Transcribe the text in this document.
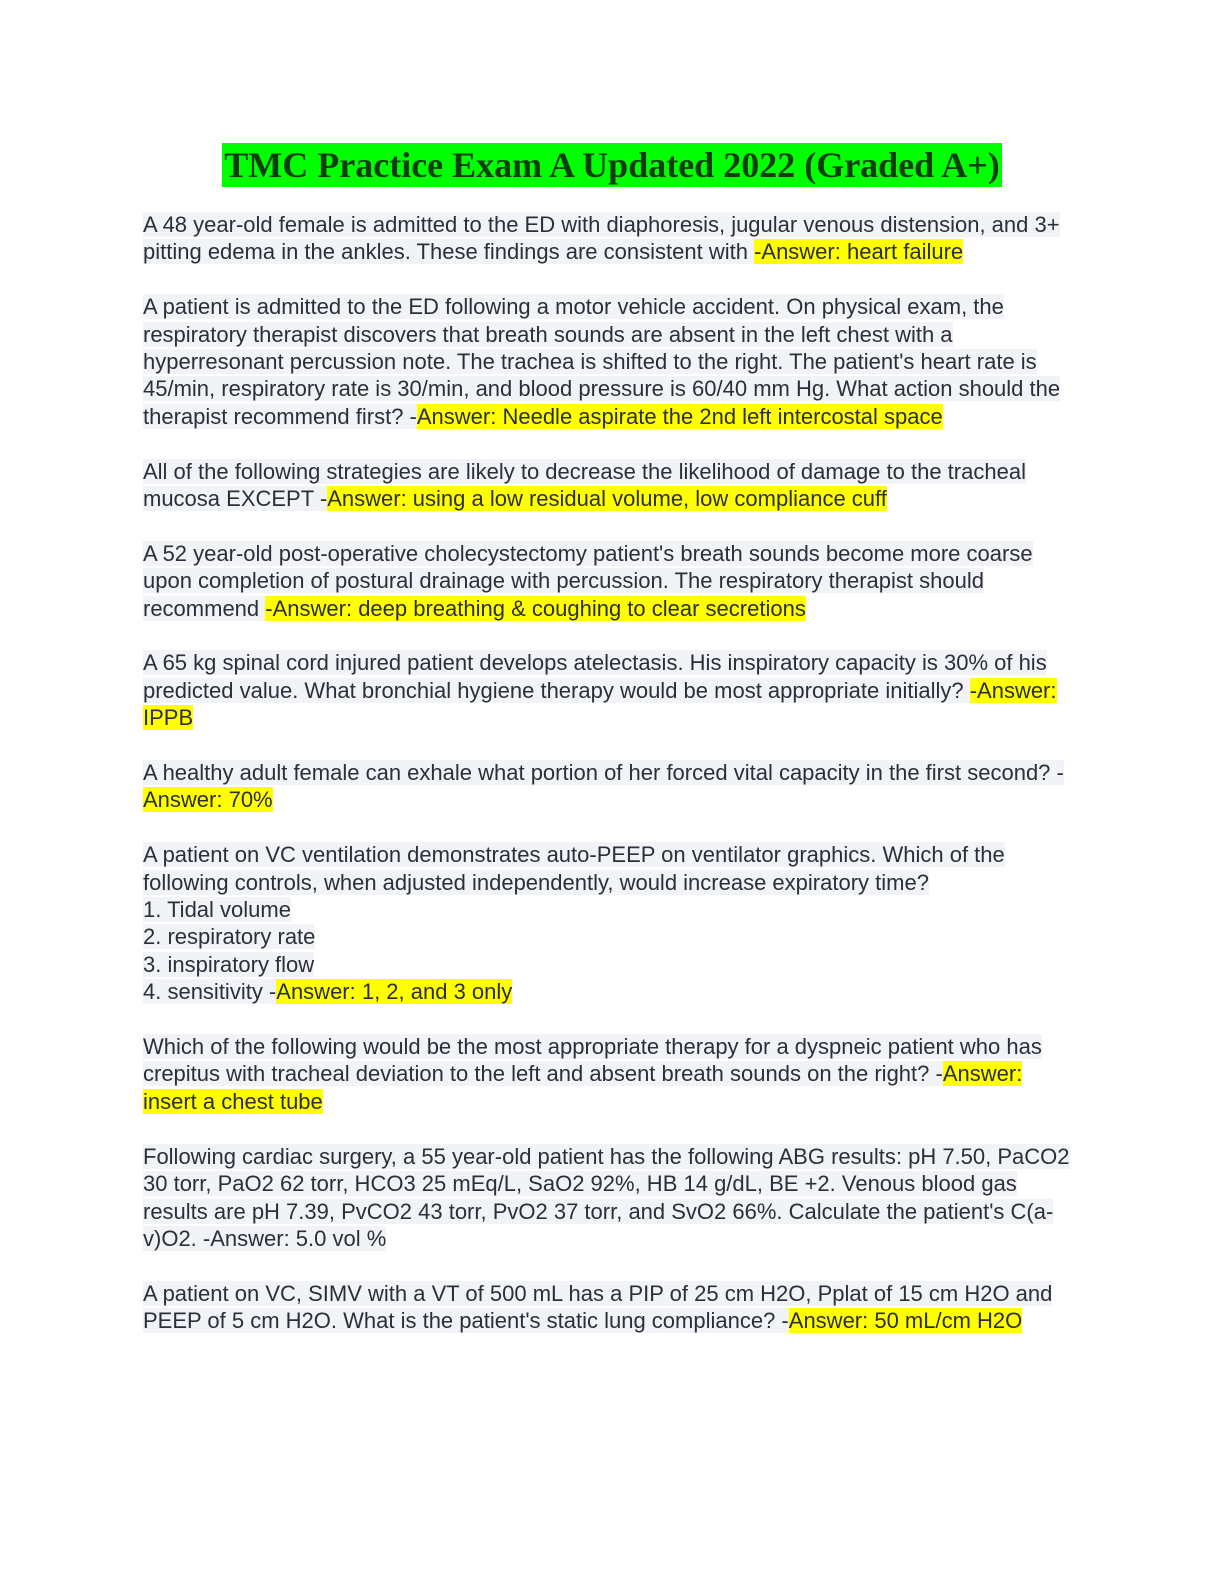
TMC Practice Exam A Updated 2022 (Graded A+)
A 48 year-old female is admitted to the ED with diaphoresis, jugular venous distension, and 3+ pitting edema in the ankles. These findings are consistent with -Answer: heart failure
A patient is admitted to the ED following a motor vehicle accident. On physical exam, the respiratory therapist discovers that breath sounds are absent in the left chest with a hyperresonant percussion note. The trachea is shifted to the right. The patient's heart rate is 45/min, respiratory rate is 30/min, and blood pressure is 60/40 mm Hg. What action should the therapist recommend first? -Answer: Needle aspirate the 2nd left intercostal space
All of the following strategies are likely to decrease the likelihood of damage to the tracheal mucosa EXCEPT -Answer: using a low residual volume, low compliance cuff
A 52 year-old post-operative cholecystectomy patient's breath sounds become more coarse upon completion of postural drainage with percussion. The respiratory therapist should recommend -Answer: deep breathing & coughing to clear secretions
A 65 kg spinal cord injured patient develops atelectasis. His inspiratory capacity is 30% of his predicted value. What bronchial hygiene therapy would be most appropriate initially? -Answer: IPPB
A healthy adult female can exhale what portion of her forced vital capacity in the first second? -Answer: 70%
A patient on VC ventilation demonstrates auto-PEEP on ventilator graphics. Which of the following controls, when adjusted independently, would increase expiratory time?
1. Tidal volume
2. respiratory rate
3. inspiratory flow
4. sensitivity -Answer: 1, 2, and 3 only
Which of the following would be the most appropriate therapy for a dyspneic patient who has crepitus with tracheal deviation to the left and absent breath sounds on the right? -Answer: insert a chest tube
Following cardiac surgery, a 55 year-old patient has the following ABG results: pH 7.50, PaCO2 30 torr, PaO2 62 torr, HCO3 25 mEq/L, SaO2 92%, HB 14 g/dL, BE +2. Venous blood gas results are pH 7.39, PvCO2 43 torr, PvO2 37 torr, and SvO2 66%. Calculate the patient's C(a-v)O2. -Answer: 5.0 vol %
A patient on VC, SIMV with a VT of 500 mL has a PIP of 25 cm H2O, Pplat of 15 cm H2O and PEEP of 5 cm H2O. What is the patient's static lung compliance? -Answer: 50 mL/cm H2O
